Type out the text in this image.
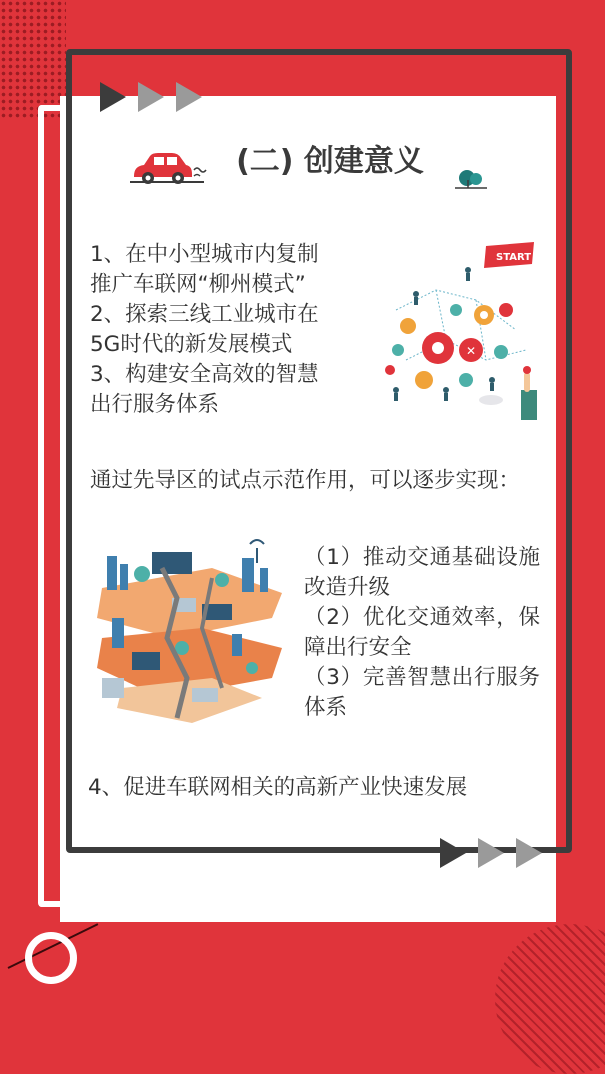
(二) 创建意义

1、在中小型城市内复制
推广车联网“柳州模式”
2、探索三线工业城市在
5G时代的新发展模式
3、构建安全高效的智慧
出行服务体系

START
✕

通过先导区的试点示范作用，可以逐步实现：

（1）推动交通基础设施改造升级
（2）优化交通效率，保障出行安全
（3）完善智慧出行服务体系

4、促进车联网相关的高新产业快速发展
